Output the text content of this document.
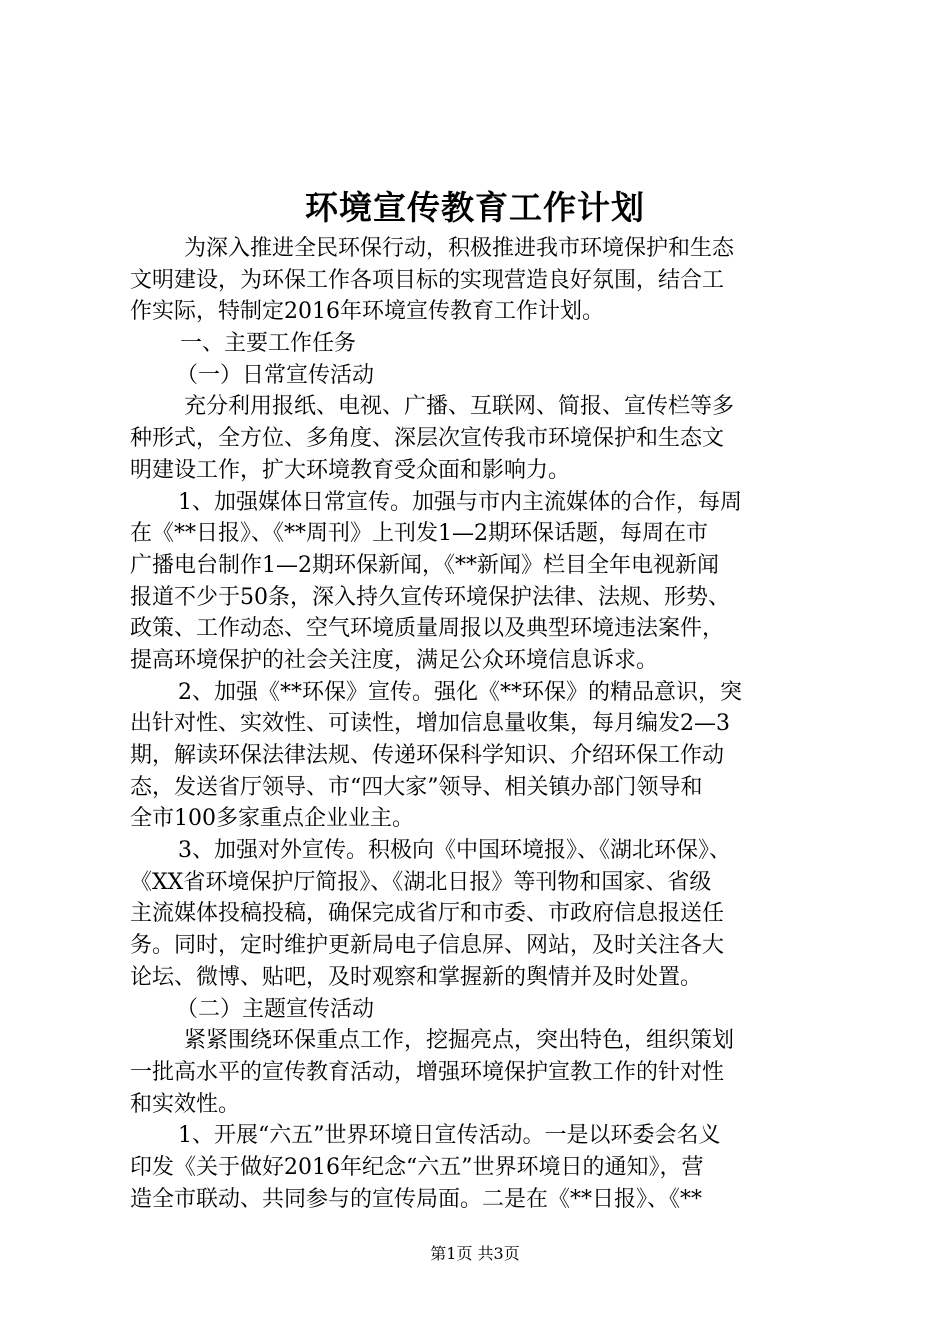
环境宣传教育工作计划
为深入推进全民环保行动，积极推进我市环境保护和生态
文明建设，为环保工作各项目标的实现营造良好氛围，结合工
作实际，特制定2016年环境宣传教育工作计划。
一、主要工作任务
（一）日常宣传活动
充分利用报纸、电视、广播、互联网、简报、宣传栏等多
种形式，全方位、多角度、深层次宣传我市环境保护和生态文
明建设工作，扩大环境教育受众面和影响力。
1、加强媒体日常宣传。加强与市内主流媒体的合作，每周
在《**日报》、《**周刊》上刊发1—2期环保话题，每周在市
广播电台制作1—2期环保新闻，《**新闻》栏目全年电视新闻
报道不少于50条，深入持久宣传环境保护法律、法规、形势、
政策、工作动态、空气环境质量周报以及典型环境违法案件，
提高环境保护的社会关注度，满足公众环境信息诉求。
2、加强《**环保》宣传。强化《**环保》的精品意识，突
出针对性、实效性、可读性，增加信息量收集，每月编发2—3
期，解读环保法律法规、传递环保科学知识、介绍环保工作动
态，发送省厅领导、市“四大家”领导、相关镇办部门领导和
全市100多家重点企业业主。
3、加强对外宣传。积极向《中国环境报》、《湖北环保》、
《XX省环境保护厅简报》、《湖北日报》等刊物和国家、省级
主流媒体投稿投稿，确保完成省厅和市委、市政府信息报送任
务。同时，定时维护更新局电子信息屏、网站，及时关注各大
论坛、微博、贴吧，及时观察和掌握新的舆情并及时处置。
（二）主题宣传活动
紧紧围绕环保重点工作，挖掘亮点，突出特色，组织策划
一批高水平的宣传教育活动，增强环境保护宣教工作的针对性
和实效性。
1、开展“六五”世界环境日宣传活动。一是以环委会名义
印发《关于做好2016年纪念“六五”世界环境日的通知》，营
造全市联动、共同参与的宣传局面。二是在《**日报》、《**
第1页 共3页
